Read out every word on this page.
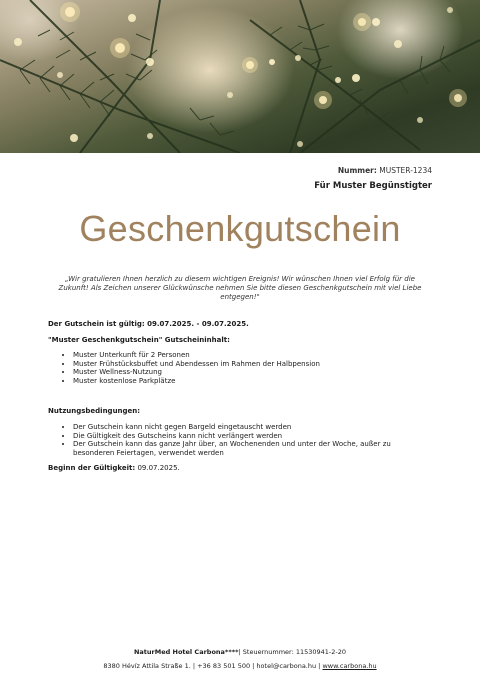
Nummer: MUSTER-1234
Für Muster Begünstigter
Geschenkgutschein
„Wir gratulieren Ihnen herzlich zu diesem wichtigen Ereignis! Wir wünschen Ihnen viel Erfolg für die Zukunft! Als Zeichen unserer Glückwünsche nehmen Sie bitte diesen Geschenkgutschein mit viel Liebe entgegen!"
Der Gutschein ist gültig: 09.07.2025. - 09.07.2025.
"Muster Geschenkgutschein" Gutscheininhalt:
• Muster Unterkunft für 2 Personen
• Muster Frühstücksbuffet und Abendessen im Rahmen der Halbpension
• Muster Wellness-Nutzung
• Muster kostenlose Parkplätze
Nutzungsbedingungen:
• Der Gutschein kann nicht gegen Bargeld eingetauscht werden
• Die Gültigkeit des Gutscheins kann nicht verlängert werden
• Der Gutschein kann das ganze Jahr über, an Wochenenden und unter der Woche, außer zu besonderen Feiertagen, verwendet werden
Beginn der Gültigkeit: 09.07.2025.
NaturMed Hotel Carbona****| Steuernummer: 11530941-2-20
8380 Hévíz Attila Straße 1. | +36 83 501 500 | hotel@carbona.hu | www.carbona.hu
